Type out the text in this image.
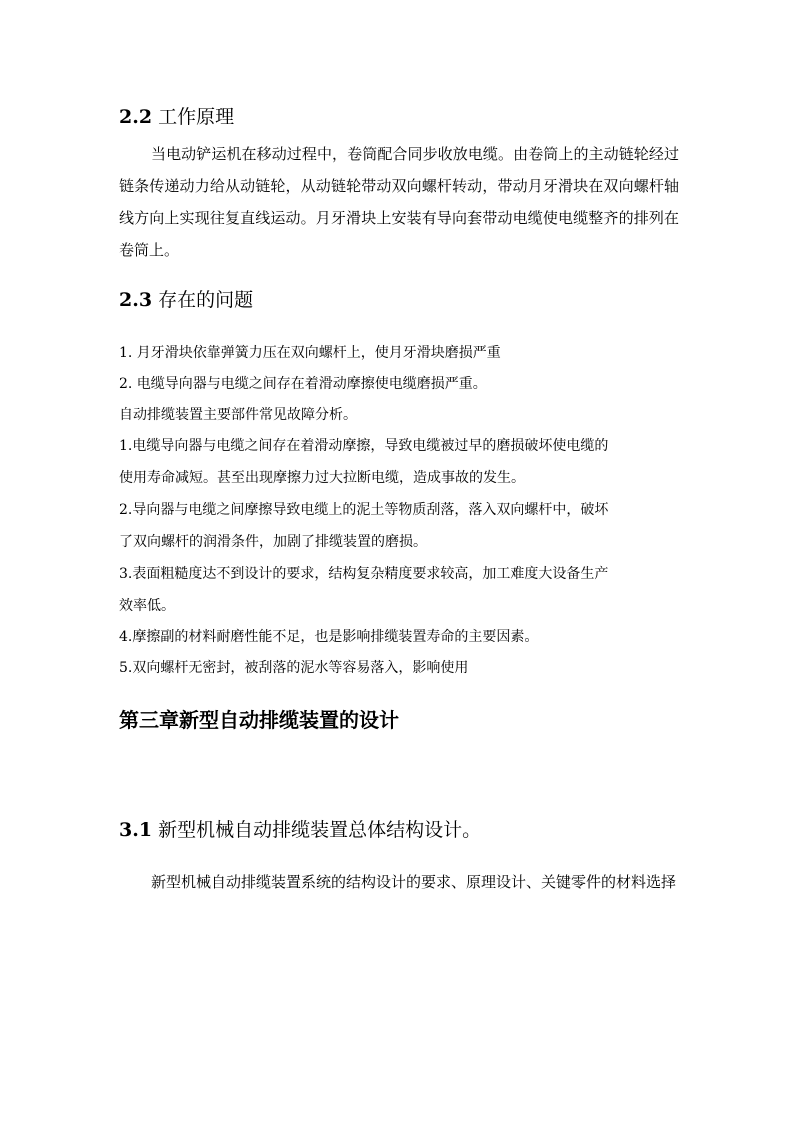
2.2 工作原理

当电动铲运机在移动过程中，卷筒配合同步收放电缆。由卷筒上的主动链轮经过链条传递动力给从动链轮，从动链轮带动双向螺杆转动，带动月牙滑块在双向螺杆轴线方向上实现往复直线运动。月牙滑块上安装有导向套带动电缆使电缆整齐的排列在卷筒上。

2.3 存在的问题
1. 月牙滑块依靠弹簧力压在双向螺杆上，使月牙滑块磨损严重
2. 电缆导向器与电缆之间存在着滑动摩擦使电缆磨损严重。
自动排缆装置主要部件常见故障分析。
1.电缆导向器与电缆之间存在着滑动摩擦，导致电缆被过早的磨损破坏使电缆的
使用寿命减短。甚至出现摩擦力过大拉断电缆，造成事故的发生。
2.导向器与电缆之间摩擦导致电缆上的泥土等物质刮落，落入双向螺杆中，破坏
了双向螺杆的润滑条件，加剧了排缆装置的磨损。
3.表面粗糙度达不到设计的要求，结构复杂精度要求较高，加工难度大设备生产
效率低。
4.摩擦副的材料耐磨性能不足，也是影响排缆装置寿命的主要因素。
5.双向螺杆无密封，被刮落的泥水等容易落入，影响使用
第三章新型自动排缆装置的设计
3.1 新型机械自动排缆装置总体结构设计。

新型机械自动排缆装置系统的结构设计的要求、原理设计、关键零件的材料选择
